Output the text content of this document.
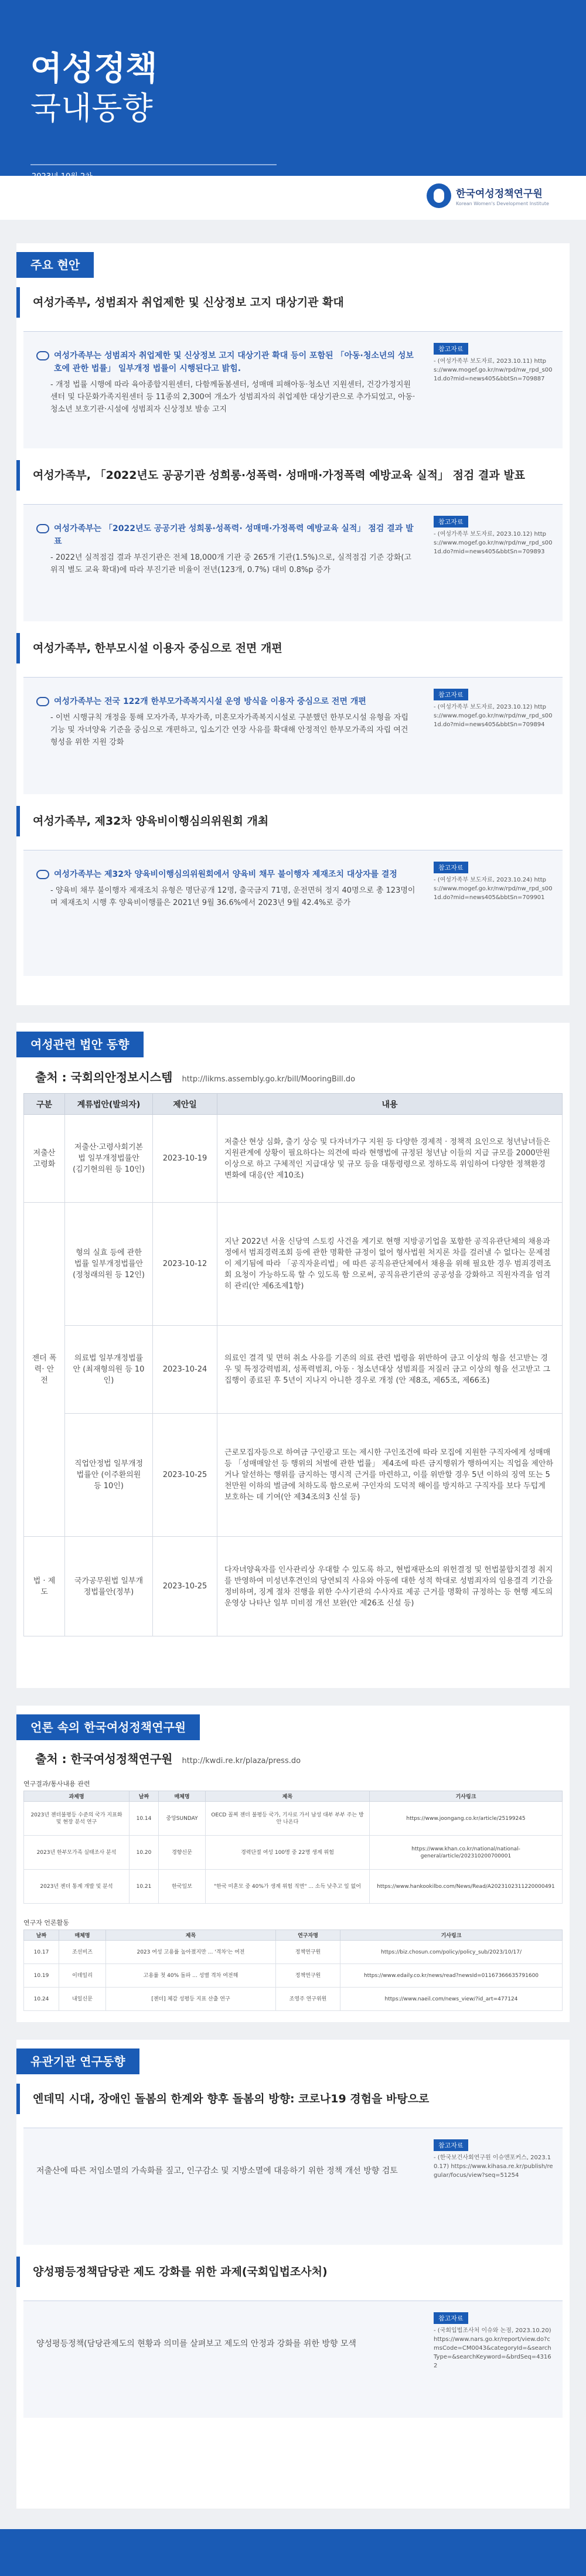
여성정책
국내동향
2023년 10월 2차
한국여성정책연구원
Korean Women's Development Institute
주요 현안
여성가족부, 성범죄자 취업제한 및 신상정보 고지 대상기관 확대
여성가족부는 성범죄자 취업제한 및 신상정보 고지 대상기관 확대 등이 포함된 「아동·청소년의 성보호에 관한 법률」 일부개정 법률이 시행된다고 밝힘.
- 개정 법률 시행에 따라 육아종합지원센터, 다함께돌봄센터, 성매매 피해아동·청소년 지원센터, 건강가정지원센터 및 다문화가족지원센터 등 11종의 2,300여 개소가 성범죄자의 취업제한 대상기관으로 추가되었고, 아동·청소년 보호기관·시설에 성범죄자 신상정보 발송 고지
참고자료
- (여성가족부 보도자료, 2023.10.11) https://www.mogef.go.kr/nw/rpd/nw_rpd_s001d.do?mid=news405&bbtSn=709887
여성가족부, 「2022년도 공공기관 성희롱·성폭력· 성매매·가정폭력 예방교육 실적」 점검 결과 발표
여성가족부는 「2022년도 공공기관 성희롱·성폭력· 성매매·가정폭력 예방교육 실적」 점검 결과 발표
- 2022년 실적점검 결과 부진기관은 전체 18,000개 기관 중 265개 기관(1.5%)으로, 실적점검 기준 강화(고위직 별도 교육 확대)에 따라 부진기관 비율이 전년(123개, 0.7%) 대비 0.8%p 증가
참고자료
- (여성가족부 보도자료, 2023.10.12) https://www.mogef.go.kr/nw/rpd/nw_rpd_s001d.do?mid=news405&bbtSn=709893
여성가족부, 한부모시설 이용자 중심으로 전면 개편
여성가족부는 전국 122개 한부모가족복지시설 운영 방식을 이용자 중심으로 전면 개편
- 이번 시행규칙 개정을 통해 모자가족, 부자가족, 미혼모자가족복지시설로 구분했던 한부모시설 유형을 자립 기능 및 자녀양육 기준을 중심으로 개편하고, 입소기간 연장 사유를 확대해 안정적인 한부모가족의 자립 여건 형성을 위한 지원 강화
참고자료
- (여성가족부 보도자료, 2023.10.12) https://www.mogef.go.kr/nw/rpd/nw_rpd_s001d.do?mid=news405&bbtSn=709894
여성가족부, 제32차 양육비이행심의위원회 개최
여성가족부는 제32차 양육비이행심의위원회에서 양육비 채무 불이행자 제재조치 대상자를 결정
- 양육비 채무 불이행자 제재조치 유형은 명단공개 12명, 출국금지 71명, 운전면허 정지 40명으로 총 123명이며 제재조치 시행 후 양육비이행률은 2021년 9월 36.6%에서 2023년 9월 42.4%로 증가
참고자료
- (여성가족부 보도자료, 2023.10.24) https://www.mogef.go.kr/nw/rpd/nw_rpd_s001d.do?mid=news405&bbtSn=709901
여성관련 법안 동향
출처 : 국회의안정보시스템 http://likms.assembly.go.kr/bill/MooringBill.do
구분	계류법안(발의자)	제안일	내용
저출산 고령화	저출산·고령사회기본법 일부개정법률안 (김기현의원 등 10인)	2023-10-19	저출산 현상 심화, 출기 상승 및 다자녀가구 지원 등 다양한 경제적 · 정책적 요인으로 청년남녀들은 지원관계에 상황이 필요하다는 의견에 따라 현행법에 규정된 청년남 이들의 지급 규모를 2000만원 이상으로 하고 구체적인 지급대상 및 규모 등을 대통령령으로 정하도록 위임하여 다양한 정책환경 변화에 대응(안 제10조)
젠더 폭력· 안전	형의 실효 등에 관한 법률 일부개정법률안 (정청래의원 등 12인)	2023-10-12	지난 2022년 서울 신당역 스토킹 사건을 계기로 현행 지방공기업을 포함한 공직유관단체의 채용과정에서 범죄경력조회 등에 관한 명확한 규정이 없어 형사법원 처지론 차를 걸러낼 수 없다는 문제점이 제기됨에 따라 「공직자윤리법」에 따른 공직유관단체에서 채용을 위해 필요한 경우 범죄경력조회 요청이 가능하도록 할 수 있도록 함 으로써, 공직유관기관의 공공성을 강화하고 직원자격을 엄격히 관리(안 제6조제1항)
	의료법 일부개정법률안 (최재형의원 등 10인)	2023-10-24	의료인 결격 및 면허 취소 사유를 기존의 의료 관련 법령을 위반하여 금고 이상의 형을 선고받는 경우 및 특정강력범죄, 성폭력범죄, 아동 · 청소년대상 성범죄를 저질러 금고 이상의 형을 선고받고 그 집행이 종료된 후 5년이 지나지 아니한 경우로 개정 (안 제8조, 제65조, 제66조)
	직업안정법 일부개정법률안 (이주환의원 등 10인)	2023-10-25	근로모집자등으로 하여금 구인광고 또는 제시한 구인조건에 따라 모집에 지원한 구직자에게 성매매 등 「성매매알선 등 행위의 처벌에 관한 법률」 제4조에 따른 금지행위가 행하여지는 직업을 제안하거나 알선하는 행위를 금지하는 명시적 근거를 마련하고, 이를 위반할 경우 5년 이하의 징역 또는 5천만원 이하의 벌금에 처하도록 함으로써 구인자의 도덕적 해이를 방지하고 구직자를 보다 두텁게 보호하는 데 기여(안 제34조의3 신설 등)
법 · 제도	국가공무원법 일부개정법률안(정부)	2023-10-25	다자녀양육자를 인사관리상 우대할 수 있도록 하고, 현법재판소의 위헌결정 및 헌법불합치결정 취지를 반영하여 미성년후견인의 당연퇴직 사유와 아동에 대한 성적 학대로 성범죄자의 임용결격 기간을 정비하며, 징계 절차 진행을 위한 수사기관의 수사자료 제공 근거를 명확히 규정하는 등 현행 제도의 운영상 나타난 일부 미비점 개선 보완(안 제26조 신설 등)
언론 속의 한국여성정책연구원
출처 : 한국여성정책연구원 http://kwdi.re.kr/plaza/press.do
연구결과/통사내용 관련
과제명	날짜	매체명	제목	기사링크
2023년 젠더불평등 수준의 국가 지표화 및 현장 분석 연구	10.14	중앙SUNDAY	OECD 꼴찌 젠더 불평등 국가, 기사로 가서 남성 대부 부부 주는 방안 나온다	https://www.joongang.co.kr/article/25199245
2023년 한부모가족 실태조사 분석	10.20	경향신문	경력단절 여성 100명 중 22명 생계 위험	https://www.khan.co.kr/national/national-general/article/202310200700001
2023년 젠더 통계 개발 및 분석	10.21	한국일보	"한국 미혼모 중 40%가 생계 위험 직면" ... 소득 낮추고 일 없어	https://www.hankookilbo.com/News/Read/A2023102311220000491
연구자 언론활동
날짜	매체명	제목	연구자명	기사링크
10.17	조선비즈	2023 여성 고용률 높아졌지만 ... '격차'는 여전	정책연구원	https://biz.chosun.com/policy/policy_sub/2023/10/17/
10.19	이데일리	고용률 첫 40% 돌파 ... 성별 격차 여전해	정책연구원	https://www.edaily.co.kr/news/read?newsId=01167366635791600
10.24	내일신문	[젠더] 체감 성평등 지표 산출 연구	조영주 연구위원	https://www.naeil.com/news_view/?id_art=477124
유관기관 연구동향
엔데믹 시대, 장애인 돌봄의 한계와 향후 돌봄의 방향: 코로나19 경험을 바탕으로
저출산에 따른 저임소멸의 가속화를 짚고, 인구감소 및 지방소멸에 대응하기 위한 정책 개선 방향 검토
참고자료
- (한국보건사회연구원 이슈앤포커스, 2023.10.17) https://www.kihasa.re.kr/publish/regular/focus/view?seq=51254
양성평등정책담당관 제도 강화를 위한 과제(국회입법조사처)
양성평등정책(담당관제도의 현황과 의미를 살펴보고 제도의 안정과 강화를 위한 방향 모색
참고자료
- (국회입법조사처 이슈와 논점, 2023.10.20) https://www.nars.go.kr/report/view.do?cmsCode=CM0043&categoryId=&searchType=&searchKeyword=&brdSeq=43162
